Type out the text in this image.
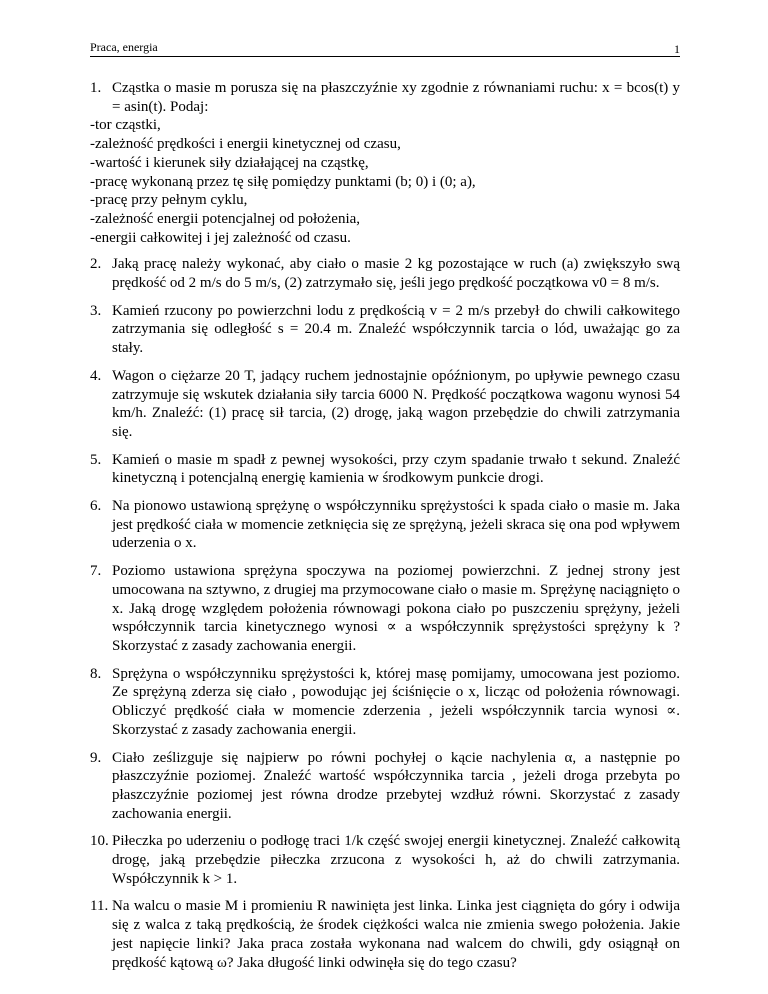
Praca, energia	1
1. Cząstka o masie m porusza się na płaszczyźnie xy zgodnie z równaniami ruchu: x = bcos(t) y = asin(t). Podaj:
-tor cząstki,
-zależność prędkości i energii kinetycznej od czasu,
-wartość i kierunek siły działającej na cząstkę,
-pracę wykonaną przez tę siłę pomiędzy punktami (b; 0) i (0; a),
-pracę przy pełnym cyklu,
-zależność energii potencjalnej od położenia,
-energii całkowitej i jej zależność od czasu.
2. Jaką pracę należy wykonać, aby ciało o masie 2 kg pozostające w ruch (a) zwiększyło swą prędkość od 2 m/s do 5 m/s, (2) zatrzymało się, jeśli jego prędkość początkowa v0 = 8 m/s.
3. Kamień rzucony po powierzchni lodu z prędkością v = 2 m/s przebył do chwili całkowitego zatrzymania się odległość s = 20.4 m. Znaleźć współczynnik tarcia o lód, uważając go za stały.
4. Wagon o ciężarze 20 T, jadący ruchem jednostajnie opóźnionym, po upływie pewnego czasu zatrzymuje się wskutek działania siły tarcia 6000 N. Prędkość początkowa wagonu wynosi 54 km/h. Znaleźć: (1) pracę sił tarcia, (2) drogę, jaką wagon przebędzie do chwili zatrzymania się.
5. Kamień o masie m spadł z pewnej wysokości, przy czym spadanie trwało t sekund. Znaleźć kinetyczną i potencjalną energię kamienia w środkowym punkcie drogi.
6. Na pionowo ustawioną sprężynę o współczynniku sprężystości k spada ciało o masie m. Jaka jest prędkość ciała w momencie zetknięcia się ze sprężyną, jeżeli skraca się ona pod wpływem uderzenia o x.
7. Poziomo ustawiona sprężyna spoczywa na poziomej powierzchni. Z jednej strony jest umocowana na sztywno, z drugiej ma przymocowane ciało o masie m. Sprężynę naciągnięto o x. Jaką drogę względem położenia równowagi pokona ciało po puszczeniu sprężyny, jeżeli współczynnik tarcia kinetycznego wynosi ∝ a współczynnik sprężystości sprężyny k ? Skorzystać z zasady zachowania energii.
8. Sprężyna o współczynniku sprężystości k, której masę pomijamy, umocowana jest poziomo. Ze sprężyną zderza się ciało , powodując jej ściśnięcie o x, licząc od położenia równowagi. Obliczyć prędkość ciała w momencie zderzenia , jeżeli współczynnik tarcia wynosi ∝. Skorzystać z zasady zachowania energii.
9. Ciało ześlizguje się najpierw po równi pochyłej o kącie nachylenia α, a następnie po płaszczyźnie poziomej. Znaleźć wartość współczynnika tarcia , jeżeli droga przebyta po płaszczyźnie poziomej jest równa drodze przebytej wzdłuż równi. Skorzystać z zasady zachowania energii.
10. Piłeczka po uderzeniu o podłogę traci 1/k część swojej energii kinetycznej. Znaleźć całkowitą drogę, jaką przebędzie piłeczka zrzucona z wysokości h, aż do chwili zatrzymania. Współczynnik k > 1.
11. Na walcu o masie M i promieniu R nawinięta jest linka. Linka jest ciągnięta do góry i odwija się z walca z taką prędkością, że środek ciężkości walca nie zmienia swego położenia. Jakie jest napięcie linki? Jaka praca została wykonana nad walcem do chwili, gdy osiągnął on prędkość kątową ω? Jaka długość linki odwinęła się do tego czasu?
